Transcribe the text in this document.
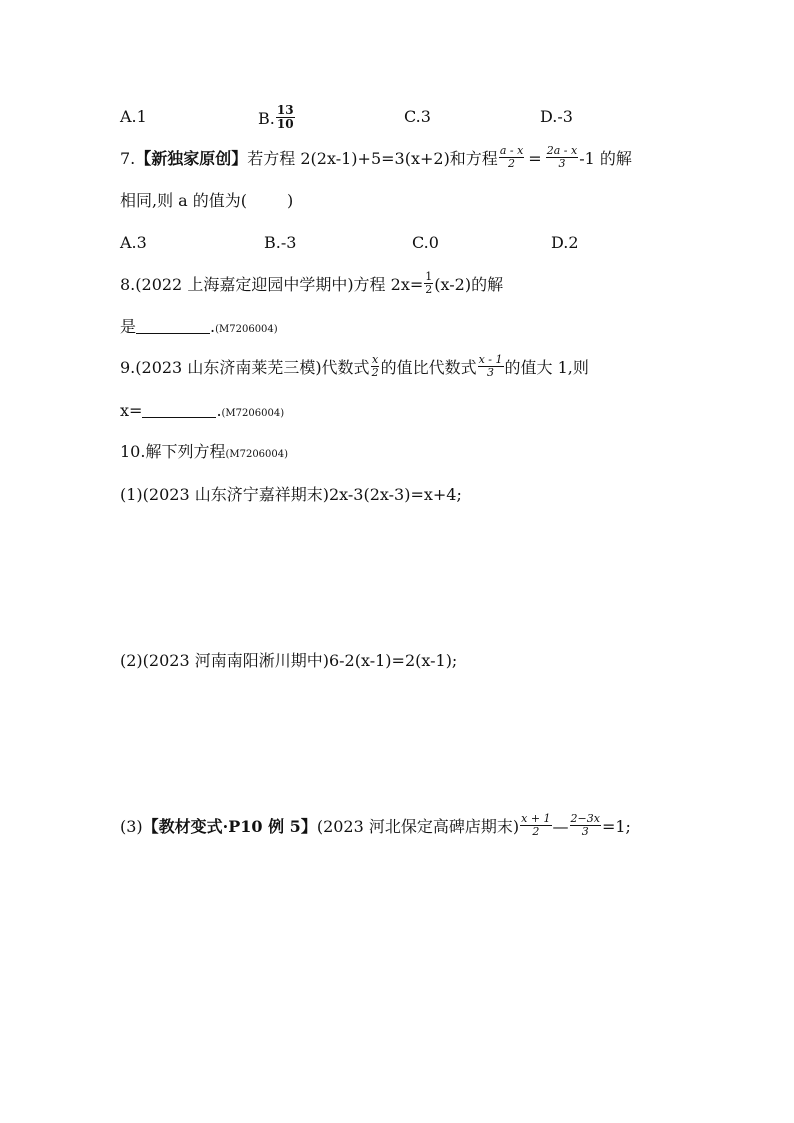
A.1	B. $\frac{13}{10}$	C.3	D.-3
7.【新独家原创】若方程 2(2x-1)+5=3(x+2)和方程 $\frac{a - x}{2} = \frac{2a - x}{3} -1$ 的解
相同,则 a 的值为(	)
A.3	B.-3	C.0	D.2
8.(2022 上海嘉定迎园中学期中)方程 $2x= \frac{1}{2} (x-2)$的解
是	.(M7206004)
9.(2023 山东济南莱芜三模)代数式 $\frac{x}{2}$ 的值比代数式 $\frac{x - 1}{3}$ 的值大 1,则
x=	.(M7206004)
10.解下列方程(M7206004)
(1)(2023 山东济宁嘉祥期末)2x-3(2x-3)=x+4;
(2)(2023 河南南阳淅川期中)6-2(x-1)=2(x-1);
(3)【教材变式·P10 例 5】(2023 河北保定高碑店期末) $\frac{x + 1}{2}$ — $\frac{2-3x}{3} =1$;
